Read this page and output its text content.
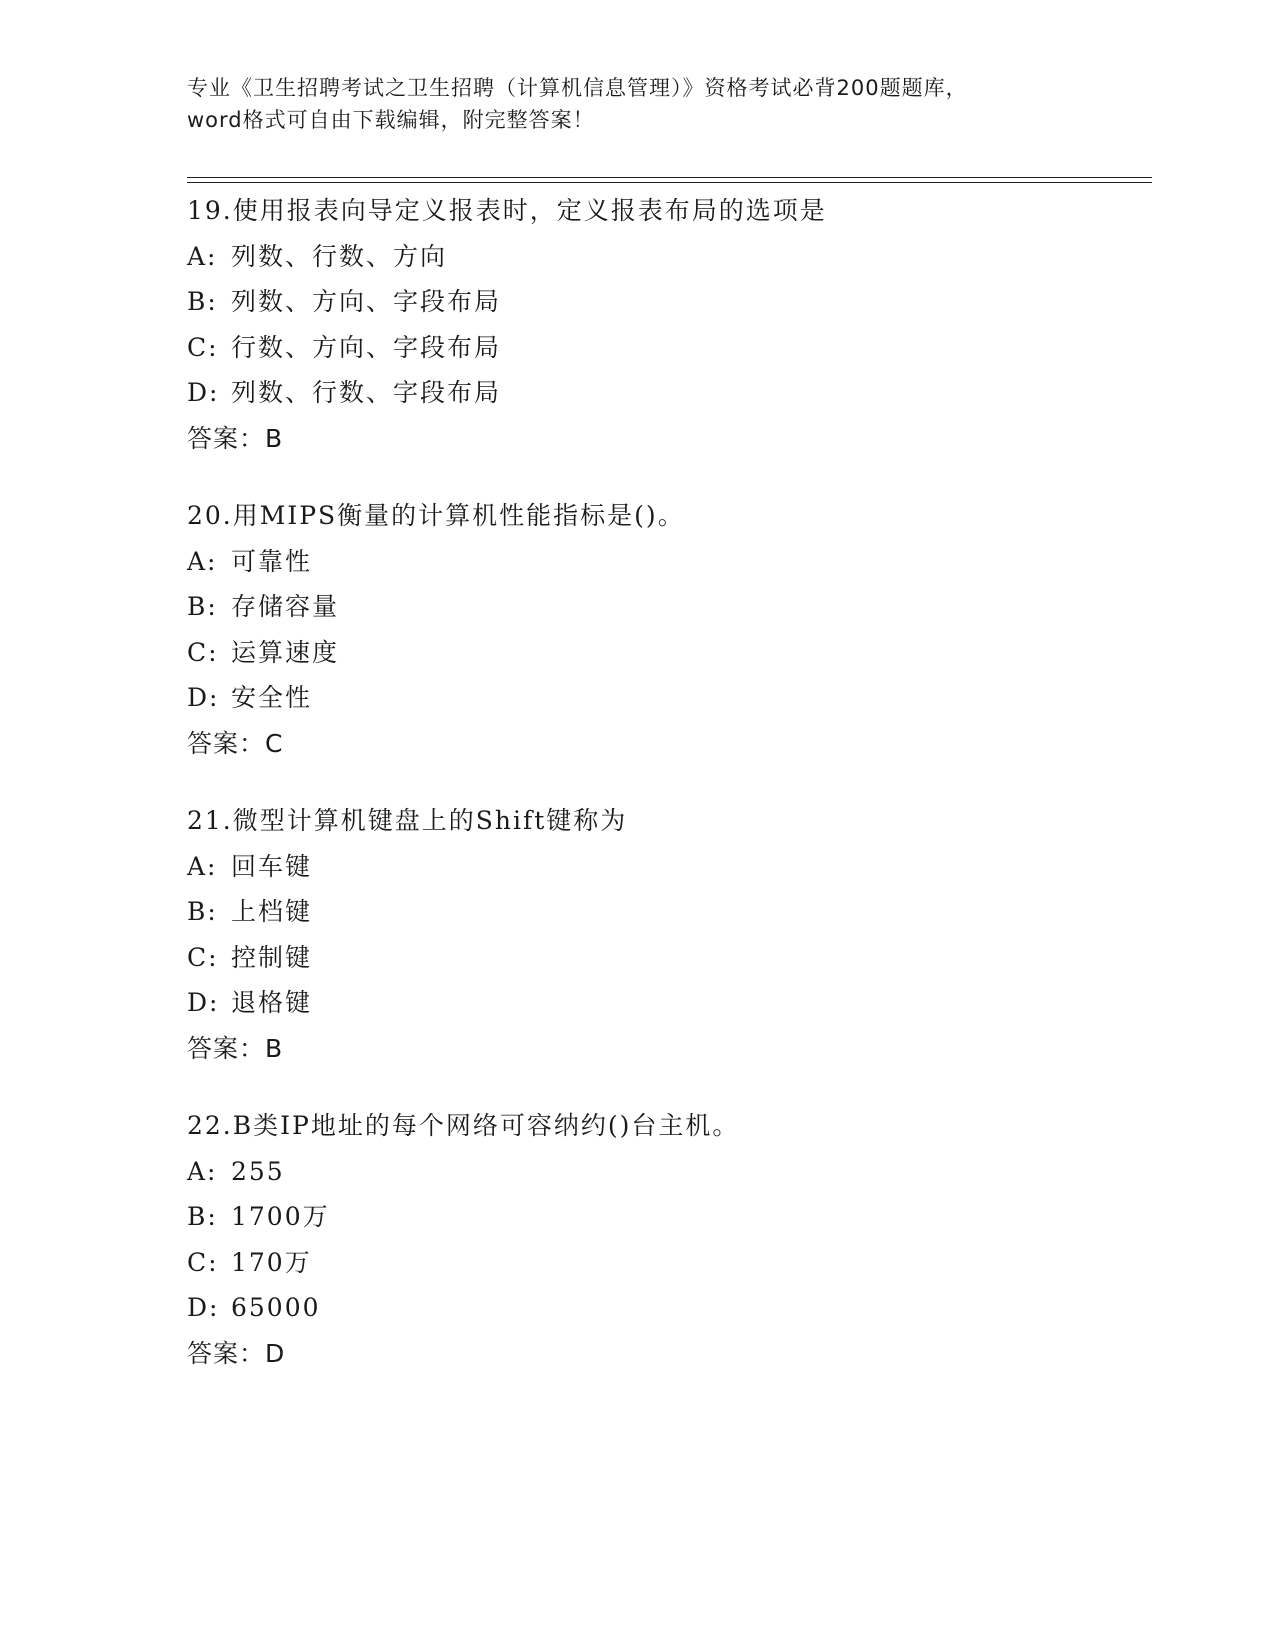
专业《卫生招聘考试之卫生招聘（计算机信息管理）》资格考试必背200题题库，
word格式可自由下载编辑，附完整答案！
19.使用报表向导定义报表时，定义报表布局的选项是
A: 列数、行数、方向
B: 列数、方向、字段布局
C: 行数、方向、字段布局
D: 列数、行数、字段布局
答案：B
20.用MIPS衡量的计算机性能指标是()。
A: 可靠性
B: 存储容量
C: 运算速度
D: 安全性
答案：C
21.微型计算机键盘上的Shift键称为
A: 回车键
B: 上档键
C: 控制键
D: 退格键
答案：B
22.B类IP地址的每个网络可容纳约()台主机。
A: 255
B: 1700万
C: 170万
D: 65000
答案：D
